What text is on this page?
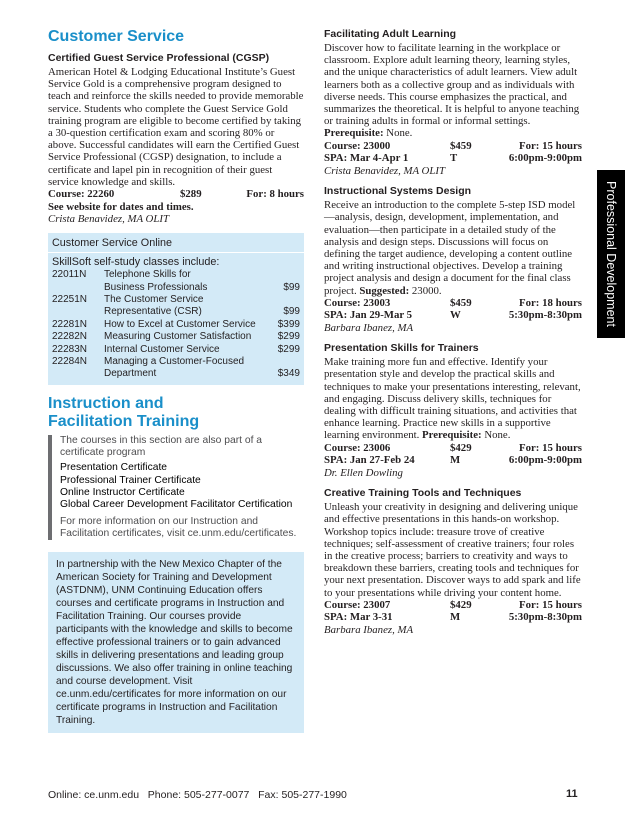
Customer Service
Certified Guest Service Professional (CGSP)

American Hotel & Lodging Educational Institute’s Guest Service Gold is a comprehensive program designed to teach and reinforce the skills needed to provide memorable service. Students who complete the Guest Service Gold training program are eligible to become certified by taking a 30-question certification exam and scoring 80% or above. Successful candidates will earn the Certified Guest Service Professional (CGSP) designation, to include a certificate and lapel pin in recognition of their guest service knowledge and skills.

Course: 22260	$289	For: 8 hours
See website for dates and times.
Crista Benavidez, MA OLIT
Customer Service Online
SkillSoft self-study classes include:
22011N	Telephone Skills for	
	Business Professionals	$99
22251N	The Customer Service	
	Representative (CSR)	$99
22281N	How to Excel at Customer Service	$399
22282N	Measuring Customer Satisfaction	$299
22283N	Internal Customer Service	$299
22284N	Managing a Customer-Focused	
	Department	$349
Instruction and
Facilitation Training
The courses in this section are also part of a certificate program
Presentation Certificate
Professional Trainer Certificate
Online Instructor Certificate
Global Career Development Facilitator Certification
For more information on our Instruction and Facilitation certificates, visit ce.unm.edu/certificates.
In partnership with the New Mexico Chapter of the American Society for Training and Development (ASTDNM), UNM Continuing Education offers courses and certificate programs in Instruction and Facilitation Training. Our courses provide participants with the knowledge and skills to become effective professional trainers or to gain advanced skills in delivering presentations and leading group discussions. We also offer training in online teaching and course development. Visit ce.unm.edu/certificates for more information on our certificate programs in Instruction and Facilitation Training.
Facilitating Adult Learning

Discover how to facilitate learning in the workplace or classroom. Explore adult learning theory, learning styles, and the unique characteristics of adult learners. View adult learners both as a collective group and as individuals with diverse needs. This course emphasizes the practical, and summarizes the theoretical. It is helpful to anyone teaching or training adults in formal or informal settings. Prerequisite: None.

Course: 23000	$459	For: 15 hours
SPA: Mar 4-Apr 1	T	6:00pm-9:00pm
Crista Benavidez, MA OLIT
Instructional Systems Design

Receive an introduction to the complete 5-step ISD model—analysis, design, development, implementation, and evaluation—then participate in a detailed study of the analysis and design steps. Discussions will focus on defining the target audience, developing a content outline and writing instructional objectives. Develop a training project analysis and design a document for the final class project. Suggested: 23000.

Course: 23003	$459	For: 18 hours
SPA: Jan 29-Mar 5	W	5:30pm-8:30pm
Barbara Ibanez, MA
Presentation Skills for Trainers

Make training more fun and effective. Identify your presentation style and develop the practical skills and techniques to make your presentations interesting, relevant, and engaging. Discuss delivery skills, techniques for dealing with difficult training situations, and activities that enhance learning. Practice new skills in a supportive learning environment. Prerequisite: None.

Course: 23006	$429	For: 15 hours
SPA: Jan 27-Feb 24	M	6:00pm-9:00pm
Dr. Ellen Dowling
Creative Training Tools and Techniques

Unleash your creativity in designing and delivering unique and effective presentations in this hands-on workshop. Workshop topics include: treasure trove of creative techniques; self-assessment of creative trainers; four roles in the creative process; barriers to creativity and ways to breakdown these barriers, creating tools and techniques for your next presentation. Discover ways to add spark and life to your presentations while driving your content home.

Course: 23007	$429	For: 15 hours
SPA: Mar 3-31	M	5:30pm-8:30pm
Barbara Ibanez, MA
Professional Development
Online: ce.unm.edu   Phone: 505-277-0077   Fax: 505-277-1990	11
